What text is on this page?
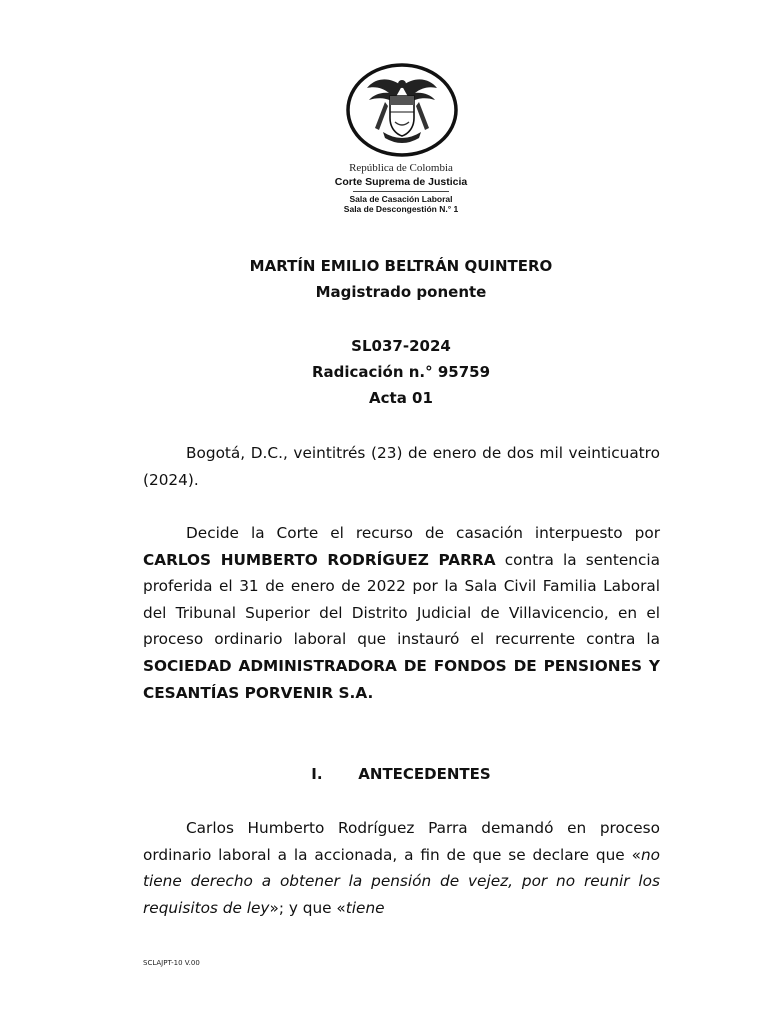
República de Colombia
Corte Suprema de Justicia
Sala de Casación Laboral
Sala de Descongestión N.° 1
MARTÍN EMILIO BELTRÁN QUINTERO
Magistrado ponente
SL037-2024
Radicación n.° 95759
Acta 01

Bogotá, D.C., veintitrés (23) de enero de dos mil veinticuatro (2024).

Decide la Corte el recurso de casación interpuesto por CARLOS HUMBERTO RODRÍGUEZ PARRA contra la sentencia proferida el 31 de enero de 2022 por la Sala Civil Familia Laboral del Tribunal Superior del Distrito Judicial de Villavicencio, en el proceso ordinario laboral que instauró el recurrente contra la SOCIEDAD ADMINISTRADORA DE FONDOS DE PENSIONES Y CESANTÍAS PORVENIR S.A.

I. ANTECEDENTES

Carlos Humberto Rodríguez Parra demandó en proceso ordinario laboral a la accionada, a fin de que se declare que «no tiene derecho a obtener la pensión de vejez, por no reunir los requisitos de ley»; y que «tiene

SCLAJPT-10 V.00
